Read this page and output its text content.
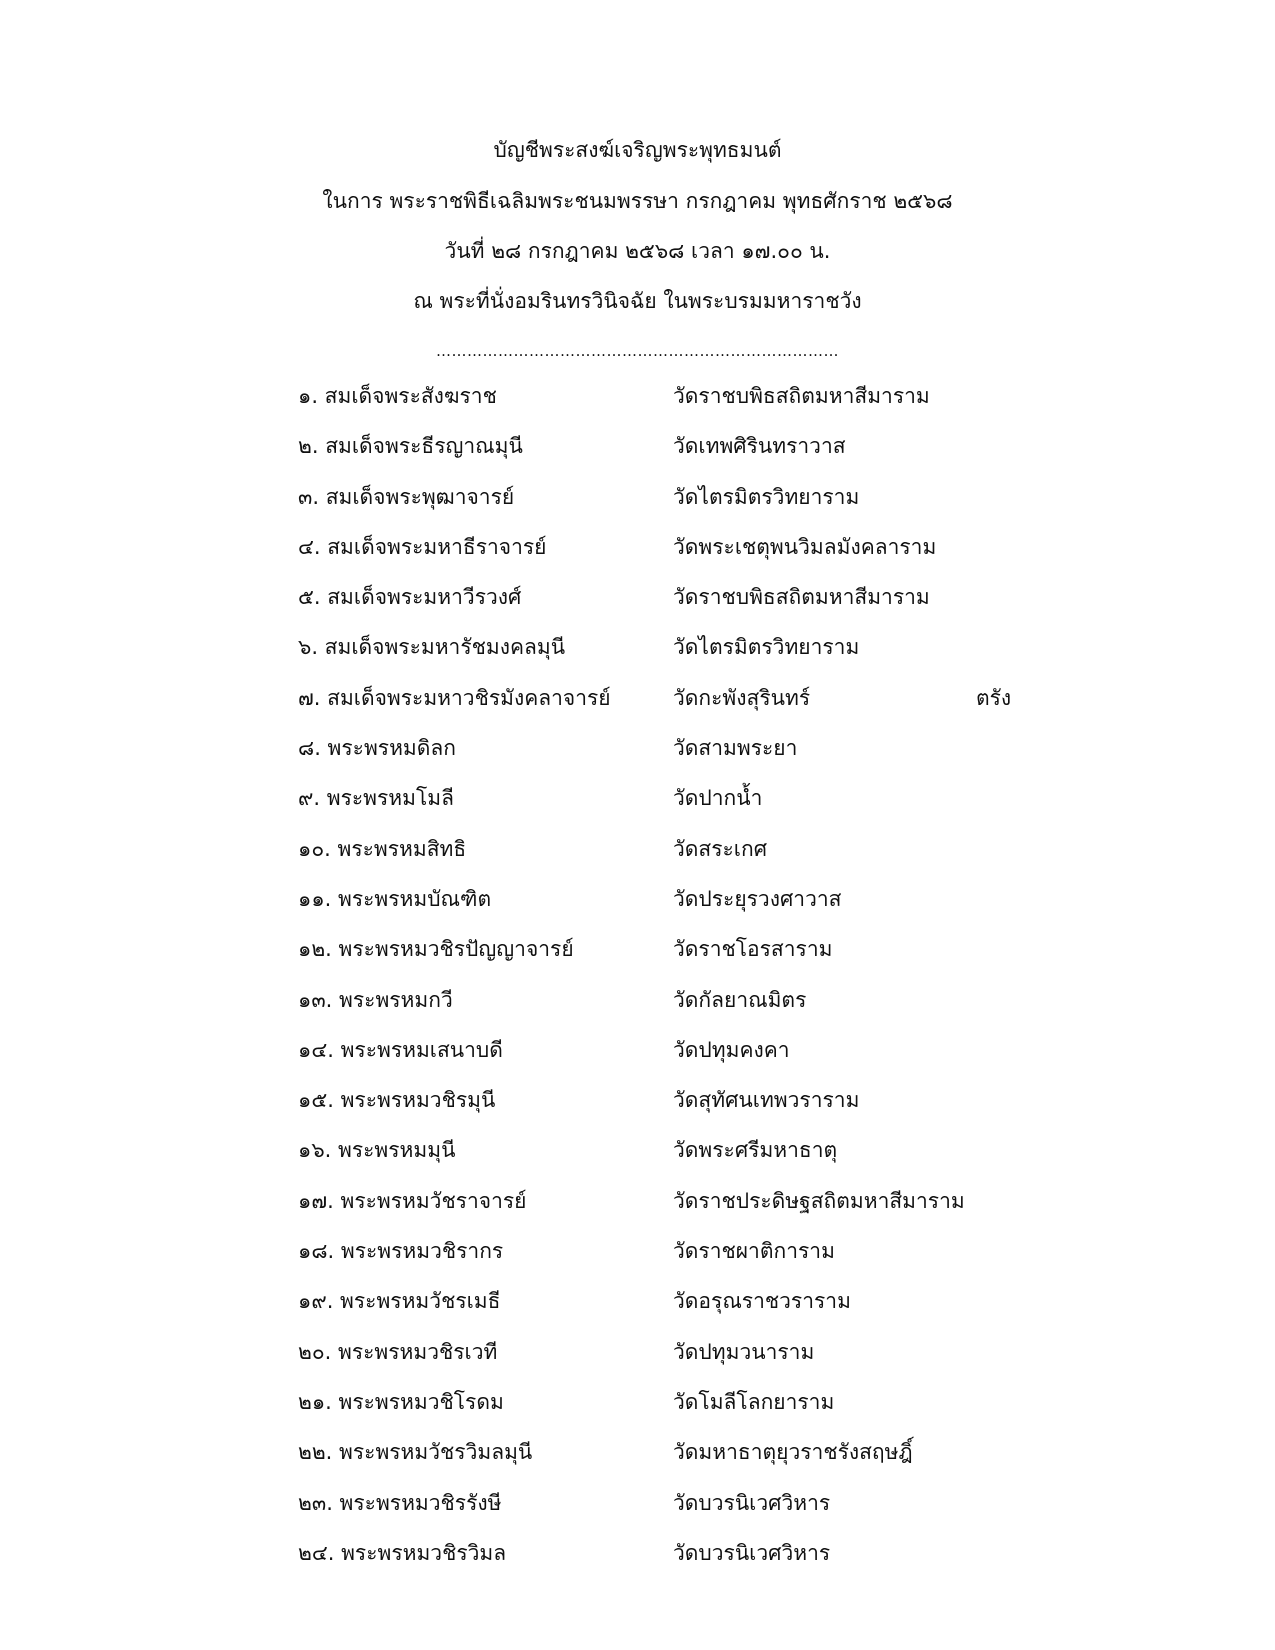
บัญชีพระสงฆ์เจริญพระพุทธมนต์
ในการ พระราชพิธีเฉลิมพระชนมพรรษา กรกฎาคม พุทธศักราช ๒๕๖๘
วันที่ ๒๘ กรกฎาคม ๒๕๖๘ เวลา ๑๗.๐๐ น.
ณ พระที่นั่งอมรินทรวินิจฉัย ในพระบรมมหาราชวัง
……………………………………………………………………
๑. สมเด็จพระสังฆราช	วัดราชบพิธสถิตมหาสีมาราม
๒. สมเด็จพระธีรญาณมุนี	วัดเทพศิรินทราวาส
๓. สมเด็จพระพุฒาจารย์	วัดไตรมิตรวิทยาราม
๔. สมเด็จพระมหาธีราจารย์	วัดพระเชตุพนวิมลมังคลาราม
๕. สมเด็จพระมหาวีรวงศ์	วัดราชบพิธสถิตมหาสีมาราม
๖. สมเด็จพระมหารัชมงคลมุนี	วัดไตรมิตรวิทยาราม
๗. สมเด็จพระมหาวชิรมังคลาจารย์	วัดกะพังสุรินทร์	ตรัง
๘. พระพรหมดิลก	วัดสามพระยา
๙. พระพรหมโมลี	วัดปากน้ำ
๑๐. พระพรหมสิทธิ	วัดสระเกศ
๑๑. พระพรหมบัณฑิต	วัดประยุรวงศาวาส
๑๒. พระพรหมวชิรปัญญาจารย์	วัดราชโอรสาราม
๑๓. พระพรหมกวี	วัดกัลยาณมิตร
๑๔. พระพรหมเสนาบดี	วัดปทุมคงคา
๑๕. พระพรหมวชิรมุนี	วัดสุทัศนเทพวราราม
๑๖. พระพรหมมุนี	วัดพระศรีมหาธาตุ
๑๗. พระพรหมวัชราจารย์	วัดราชประดิษฐสถิตมหาสีมาราม
๑๘. พระพรหมวชิรากร	วัดราชผาติการาม
๑๙. พระพรหมวัชรเมธี	วัดอรุณราชวราราม
๒๐. พระพรหมวชิรเวที	วัดปทุมวนาราม
๒๑. พระพรหมวชิโรดม	วัดโมลีโลกยาราม
๒๒. พระพรหมวัชรวิมลมุนี	วัดมหาธาตุยุวราชรังสฤษฎิ์
๒๓. พระพรหมวชิรรังษี	วัดบวรนิเวศวิหาร
๒๔. พระพรหมวชิรวิมล	วัดบวรนิเวศวิหาร
